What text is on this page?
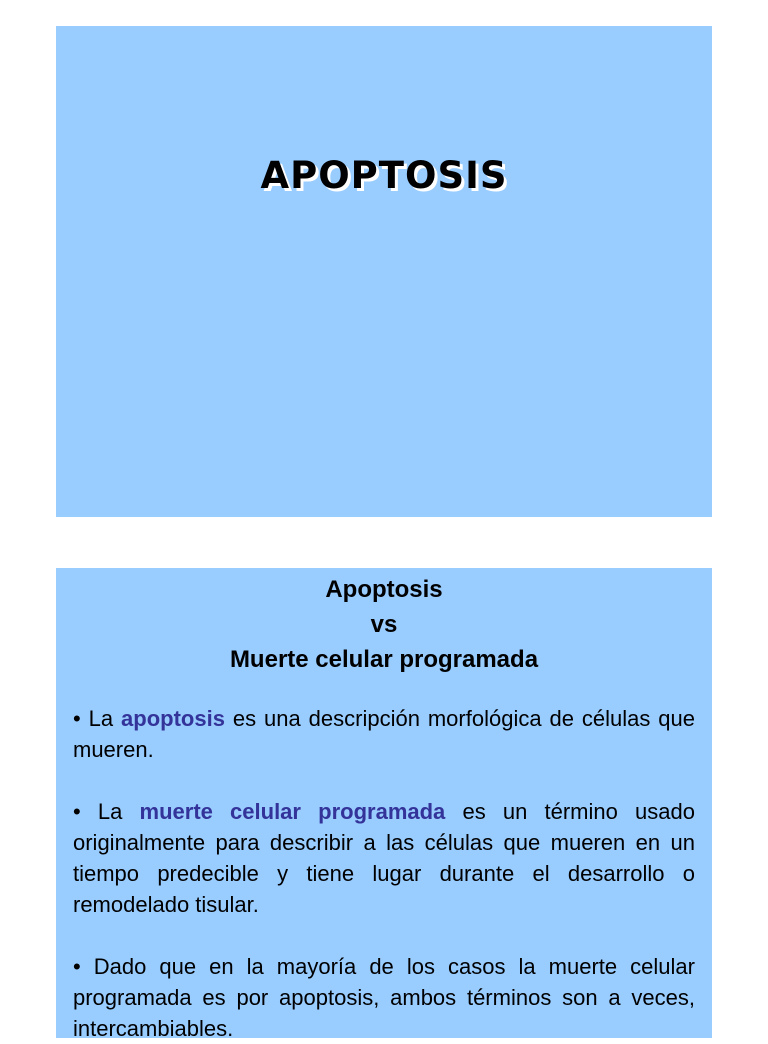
APOPTOSIS
Apoptosis
vs
Muerte celular programada

• La apoptosis es una descripción morfológica de células que mueren.

• La muerte celular programada es un término usado originalmente para describir a las células que mueren en un tiempo predecible y tiene lugar durante el desarrollo o remodelado tisular.

• Dado que en la mayoría de los casos la muerte celular programada es por apoptosis, ambos términos son a veces, intercambiables.
